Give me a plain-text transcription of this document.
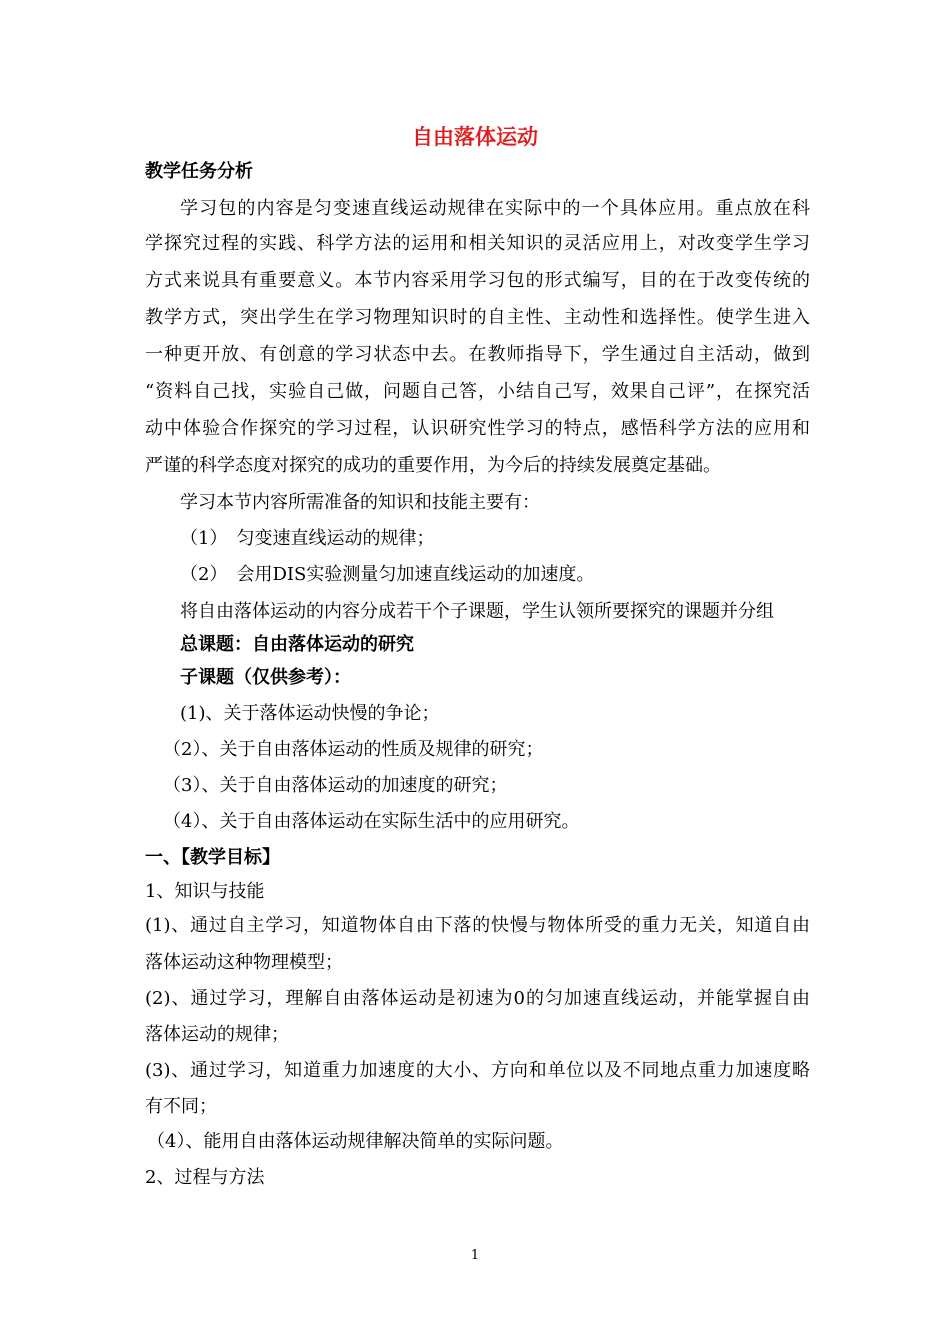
自由落体运动
教学任务分析
学习包的内容是匀变速直线运动规律在实际中的一个具体应用。重点放在科
学探究过程的实践、科学方法的运用和相关知识的灵活应用上，对改变学生学习
方式来说具有重要意义。本节内容采用学习包的形式编写，目的在于改变传统的
教学方式，突出学生在学习物理知识时的自主性、主动性和选择性。使学生进入
一种更开放、有创意的学习状态中去。在教师指导下，学生通过自主活动，做到
“资料自己找，实验自己做，问题自己答，小结自己写，效果自己评”，在探究活
动中体验合作探究的学习过程，认识研究性学习的特点，感悟科学方法的应用和
严谨的科学态度对探究的成功的重要作用，为今后的持续发展奠定基础。
学习本节内容所需准备的知识和技能主要有：
（1）　匀变速直线运动的规律；
（2）　会用DIS实验测量匀加速直线运动的加速度。
将自由落体运动的内容分成若干个子课题，学生认领所要探究的课题并分组
总课题：自由落体运动的研究
子课题（仅供参考）：
(1)、关于落体运动快慢的争论；
（2）、关于自由落体运动的性质及规律的研究；
（3）、关于自由落体运动的加速度的研究；
（4）、关于自由落体运动在实际生活中的应用研究。
一、【教学目标】
1、知识与技能
(1)、通过自主学习，知道物体自由下落的快慢与物体所受的重力无关，知道自由
落体运动这种物理模型；
(2)、通过学习，理解自由落体运动是初速为0的匀加速直线运动，并能掌握自由
落体运动的规律；
(3)、通过学习，知道重力加速度的大小、方向和单位以及不同地点重力加速度略
有不同；
（4）、能用自由落体运动规律解决简单的实际问题。
2、过程与方法
1
